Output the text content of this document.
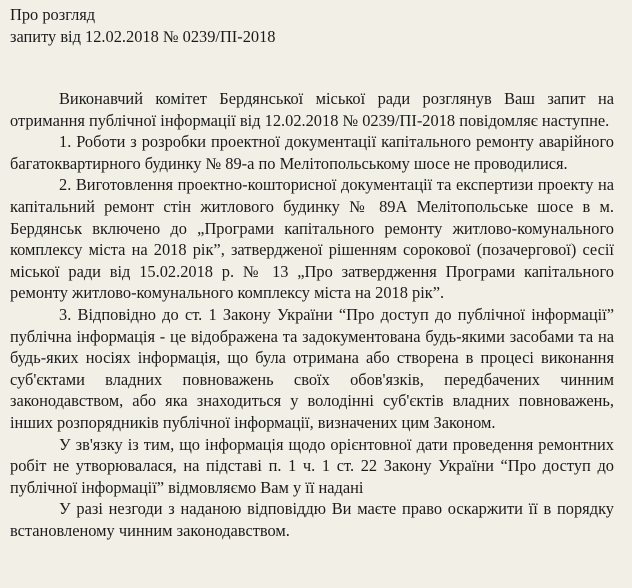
Про розгляд
запиту від 12.02.2018 № 0239/ПІ-2018

Виконавчий комітет Бердянської міської ради розглянув Ваш запит на отримання публічної інформації від 12.02.2018 № 0239/ПІ-2018 повідомляє наступне.

1. Роботи з розробки проектної документації капітального ремонту аварійного багатоквартирного будинку № 89-а по Мелітопольському шосе не проводилися.

2. Виготовлення проектно-кошторисної документації та експертизи проекту на капітальний ремонт стін житлового будинку № 89А Мелітопольське шосе в м. Бердянськ включено до „Програми капітального ремонту житлово-комунального комплексу міста на 2018 рік”, затвердженої рішенням сорокової (позачергової) сесії міської ради від 15.02.2018 р. № 13 „Про затвердження Програми капітального ремонту житлово-комунального комплексу міста на 2018 рік”.

3. Відповідно до ст. 1 Закону України “Про доступ до публічної інформації” публічна інформація - це відображена та задокументована будь-якими засобами та на будь-яких носіях інформація, що була отримана або створена в процесі виконання суб'єктами владних повноважень своїх обов'язків, передбачених чинним законодавством, або яка знаходиться у володінні суб'єктів владних повноважень, інших розпорядників публічної інформації, визначених цим Законом.

У зв'язку із тим, що інформація щодо орієнтовної дати проведення ремонтних робіт не утворювалася, на підставі п. 1 ч. 1 ст. 22 Закону України “Про доступ до публічної інформації” відмовляємо Вам у її надані

У разі незгоди з наданою відповіддю Ви маєте право оскаржити її в порядку встановленому чинним законодавством.
